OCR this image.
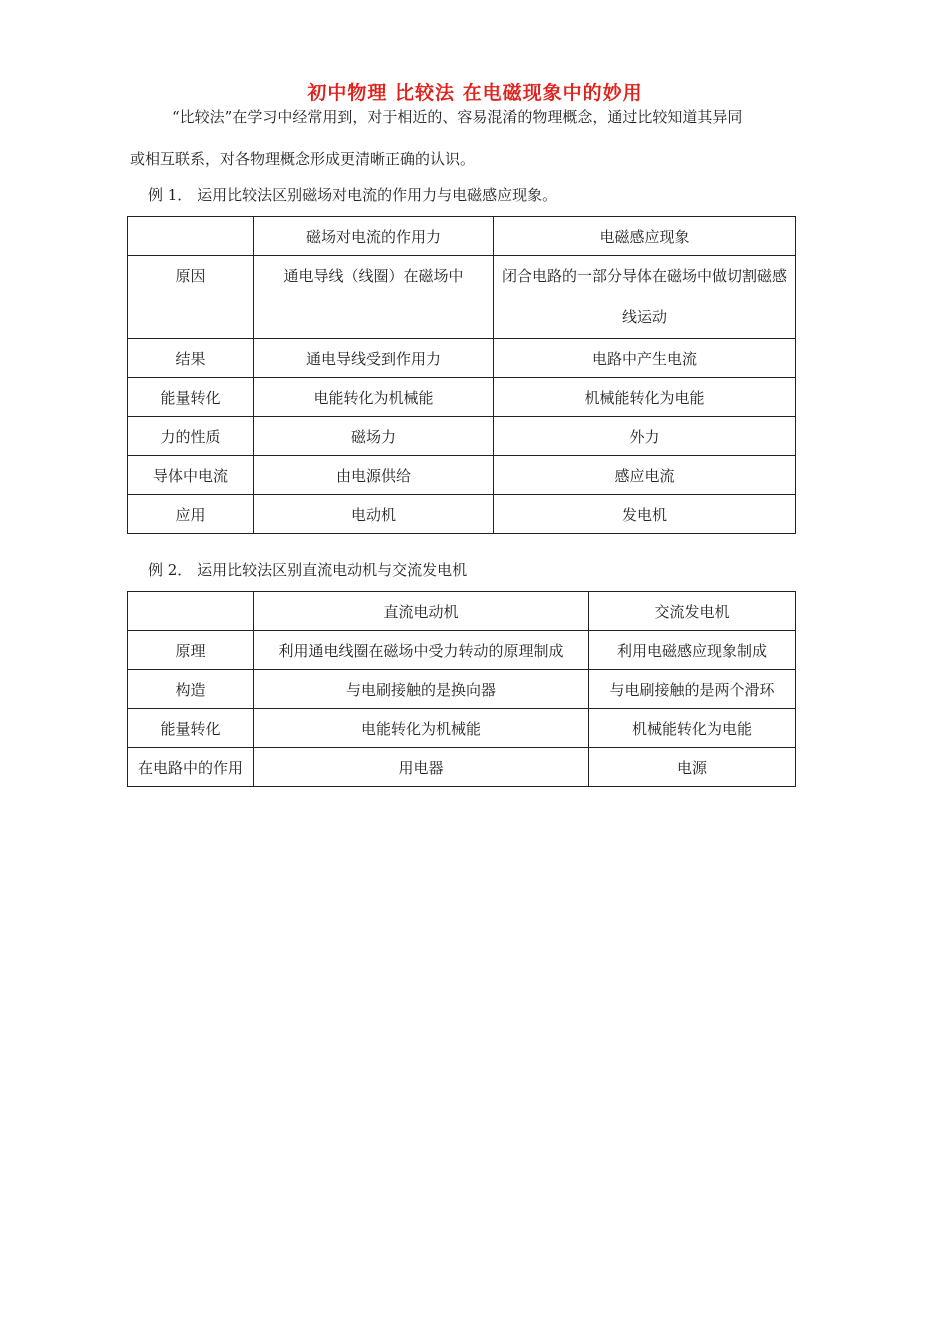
初中物理 比较法 在电磁现象中的妙用
“比较法”在学习中经常用到，对于相近的、容易混淆的物理概念，通过比较知道其异同
或相互联系，对各物理概念形成更清晰正确的认识。
例 1． 运用比较法区别磁场对电流的作用力与电磁感应现象。
	磁场对电流的作用力	电磁感应现象
原因	通电导线（线圈）在磁场中	闭合电路的一部分导体在磁场中做切割磁感线运动
结果	通电导线受到作用力	电路中产生电流
能量转化	电能转化为机械能	机械能转化为电能
力的性质	磁场力	外力
导体中电流	由电源供给	感应电流
应用	电动机	发电机
例 2． 运用比较法区别直流电动机与交流发电机
	直流电动机	交流发电机
原理	利用通电线圈在磁场中受力转动的原理制成	利用电磁感应现象制成
构造	与电刷接触的是换向器	与电刷接触的是两个滑环
能量转化	电能转化为机械能	机械能转化为电能
在电路中的作用	用电器	电源
